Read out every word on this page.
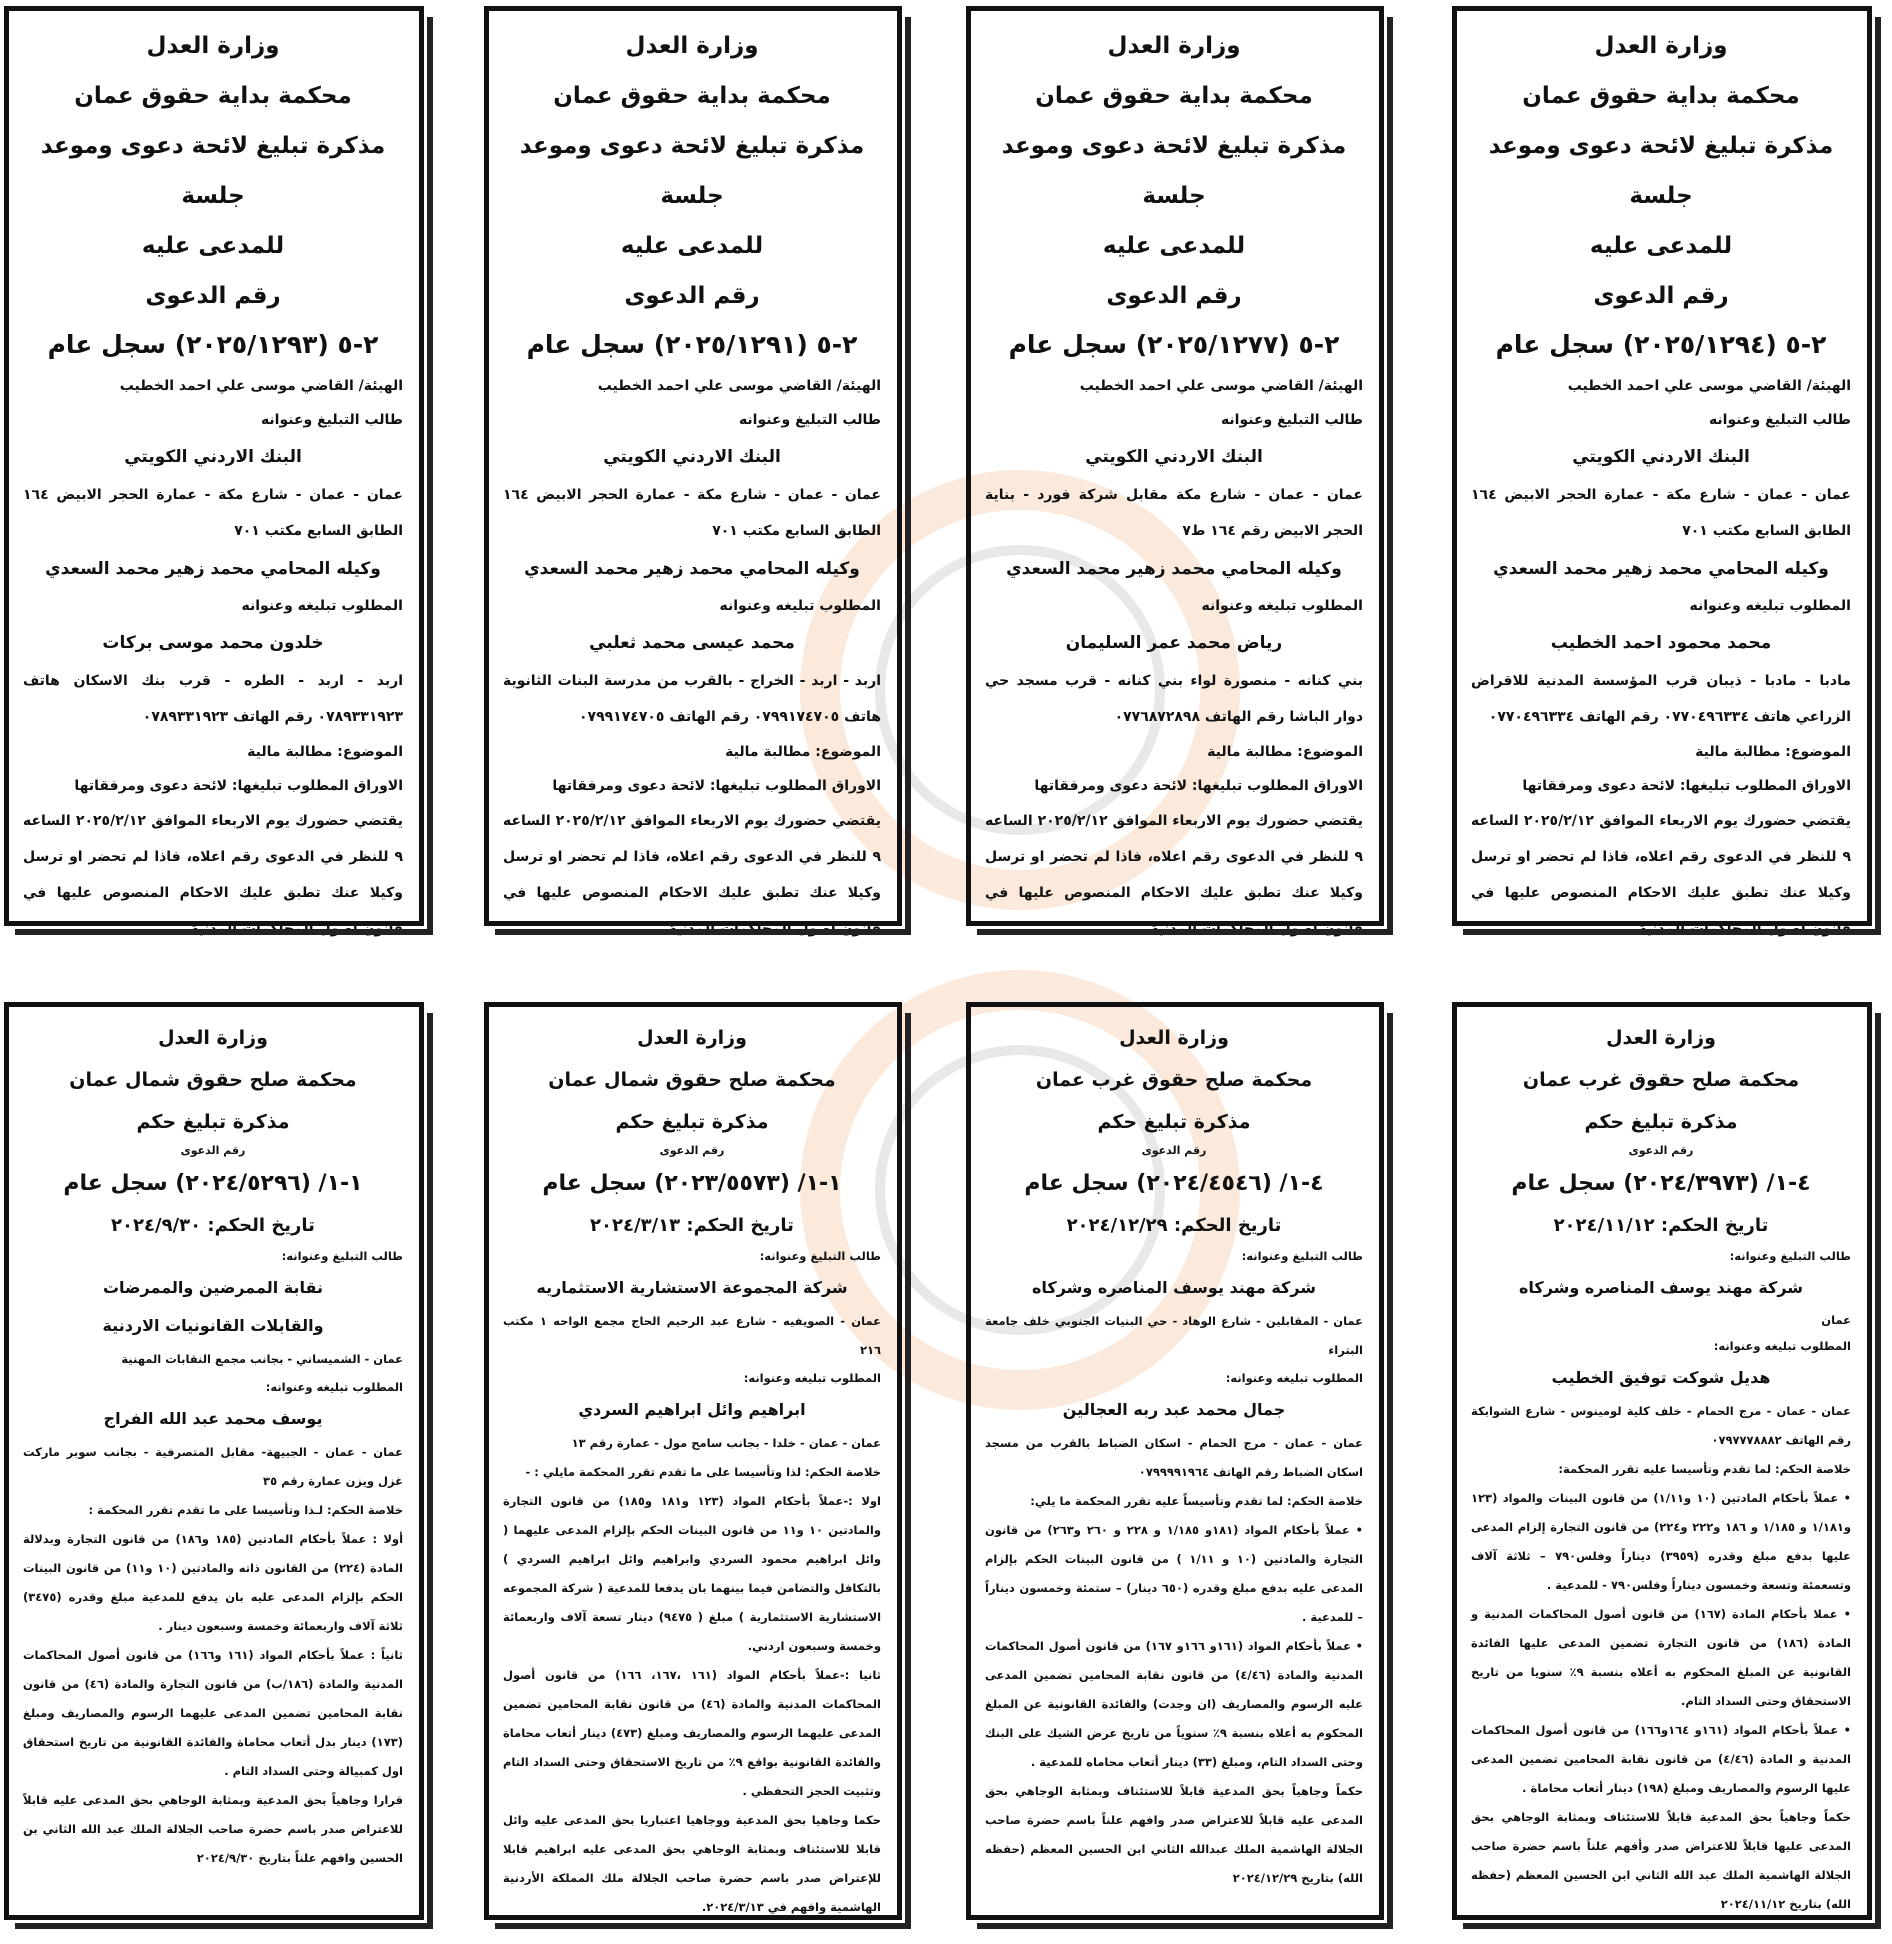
وزارة العدل
محكمة بداية حقوق عمان
مذكرة تبليغ لائحة دعوى وموعد جلسة
للمدعى عليه
رقم الدعوى
٢-٥ (٢٠٢٥/١٢٩٤) سجل عام
الهيئة/ القاضي موسى علي احمد الخطيب
طالب التبليغ وعنوانه
البنك الاردني الكويتي
عمان - عمان - شارع مكة - عمارة الحجر الابيض ١٦٤ الطابق السابع مكتب ٧٠١
وكيله المحامي محمد زهير محمد السعدي
المطلوب تبليغه وعنوانه
محمد محمود احمد الخطيب
مادبا - مادبا - ذيبان قرب المؤسسة المدنية للاقراض الزراعي هاتف ٠٧٧٠٤٩٦٣٣٤ رقم الهاتف ٠٧٧٠٤٩٦٣٣٤
الموضوع: مطالبة مالية
الاوراق المطلوب تبليغها: لائحة دعوى ومرفقاتها
يقتضي حضورك يوم الاربعاء الموافق ٢٠٢٥/٢/١٢ الساعه ٩ للنظر في الدعوى رقم اعلاه، فاذا لم تحضر او ترسل وكيلا عنك تطبق عليك الاحكام المنصوص عليها في قانون اصول المحاكمات المدنية.
وزارة العدل
محكمة بداية حقوق عمان
مذكرة تبليغ لائحة دعوى وموعد جلسة
للمدعى عليه
رقم الدعوى
٢-٥ (٢٠٢٥/١٢٧٧) سجل عام
الهيئة/ القاضي موسى علي احمد الخطيب
طالب التبليغ وعنوانه
البنك الاردني الكويتي
عمان - عمان - شارع مكة مقابل شركة فورد - بناية الحجر الابيض رقم ١٦٤ ط٧
وكيله المحامي محمد زهير محمد السعدي
المطلوب تبليغه وعنوانه
رياض محمد عمر السليمان
بني كنانه - منصورة لواء بني كنانه - قرب مسجد حي دوار الباشا رقم الهاتف ٠٧٧٦٨٧٢٨٩٨
الموضوع: مطالبة مالية
الاوراق المطلوب تبليغها: لائحة دعوى ومرفقاتها
يقتضي حضورك يوم الاربعاء الموافق ٢٠٢٥/٢/١٢ الساعه ٩ للنظر في الدعوى رقم اعلاه، فاذا لم تحضر او ترسل وكيلا عنك تطبق عليك الاحكام المنصوص عليها في قانون اصول المحاكمات المدنية.
وزارة العدل
محكمة بداية حقوق عمان
مذكرة تبليغ لائحة دعوى وموعد جلسة
للمدعى عليه
رقم الدعوى
٢-٥ (٢٠٢٥/١٢٩١) سجل عام
الهيئة/ القاضي موسى علي احمد الخطيب
طالب التبليغ وعنوانه
البنك الاردني الكويتي
عمان - عمان - شارع مكة - عمارة الحجر الابيض ١٦٤ الطابق السابع مكتب ٧٠١
وكيله المحامي محمد زهير محمد السعدي
المطلوب تبليغه وعنوانه
محمد عيسى محمد ثعلبي
اربد - اربد - الخراج - بالقرب من مدرسة البنات الثانوية هاتف ٠٧٩٩١٧٤٧٠٥ رقم الهاتف ٠٧٩٩١٧٤٧٠٥
الموضوع: مطالبة مالية
الاوراق المطلوب تبليغها: لائحة دعوى ومرفقاتها
يقتضي حضورك يوم الاربعاء الموافق ٢٠٢٥/٢/١٢ الساعه ٩ للنظر في الدعوى رقم اعلاه، فاذا لم تحضر او ترسل وكيلا عنك تطبق عليك الاحكام المنصوص عليها في قانون اصول المحاكمات المدنية.
وزارة العدل
محكمة بداية حقوق عمان
مذكرة تبليغ لائحة دعوى وموعد جلسة
للمدعى عليه
رقم الدعوى
٢-٥ (٢٠٢٥/١٢٩٣) سجل عام
الهيئة/ القاضي موسى علي احمد الخطيب
طالب التبليغ وعنوانه
البنك الاردني الكويتي
عمان - عمان - شارع مكة - عمارة الحجر الابيض ١٦٤ الطابق السابع مكتب ٧٠١
وكيله المحامي محمد زهير محمد السعدي
المطلوب تبليغه وعنوانه
خلدون محمد موسى بركات
اربد - اربد - الطره - قرب بنك الاسكان هاتف ٠٧٨٩٣٣١٩٢٣ رقم الهاتف ٠٧٨٩٣٣١٩٢٣
الموضوع: مطالبة مالية
الاوراق المطلوب تبليغها: لائحة دعوى ومرفقاتها
يقتضي حضورك يوم الاربعاء الموافق ٢٠٢٥/٢/١٢ الساعه ٩ للنظر في الدعوى رقم اعلاه، فاذا لم تحضر او ترسل وكيلا عنك تطبق عليك الاحكام المنصوص عليها في قانون اصول المحاكمات المدنية.
وزارة العدل
محكمة صلح حقوق غرب عمان
مذكرة تبليغ حكم
رقم الدعوى
٤-١/ (٢٠٢٤/٣٩٧٣) سجل عام
تاريخ الحكم: ٢٠٢٤/١١/١٢
طالب التبليغ وعنوانه:
شركة مهند يوسف المناصره وشركاه
عمان
المطلوب تبليغه وعنوانه:
هديل شوكت توفيق الخطيب
عمان - عمان - مرج الحمام - خلف كلية لومينوس - شارع الشوابكة رقم الهاتف ٠٧٩٧٧٧٨٨٨٢
خلاصة الحكم: لما تقدم وتأسيسا عليه تقرر المحكمة:
• عملاً بأحكام المادتين (١٠ و١/١١) من قانون البينات والمواد (١٢٣ و١/١٨١ و ١/١٨٥ و ١٨٦ و٢٢٢ و٢٢٤) من قانون التجارة إلزام المدعى عليها بدفع مبلغ وقدره (٣٩٥٩) ديناراً وفلس٧٩٠ – ثلاثة آلاف وتسعمئة وتسعة وخمسون ديناراً وفلس٧٩٠ - للمدعية .
• عملا بأحكام المادة (١٦٧) من قانون أصول المحاكمات المدنية و المادة (١٨٦) من قانون التجارة تضمين المدعى عليها الفائدة القانونية عن المبلغ المحكوم به أعلاه بنسبة ٩٪ سنويا من تاريخ الاستحقاق وحتى السداد التام.
• عملاً بأحكام المواد (١٦١و ١٦٤و١٦٦) من قانون أصول المحاكمات المدنية و المادة (٤/٤٦) من قانون نقابة المحامين تضمين المدعى عليها الرسوم والمصاريف ومبلغ (١٩٨) دينار أتعاب محاماة .
حكماً وجاهياً بحق المدعية قابلاً للاستئناف وبمثابة الوجاهي بحق المدعى عليها قابلاً للاعتراض صدر وأفهم علناً باسم حضرة صاحب الجلالة الهاشمية الملك عبد الله الثاني ابن الحسين المعظم (حفظه الله) بتاريخ ٢٠٢٤/١١/١٢
وزارة العدل
محكمة صلح حقوق غرب عمان
مذكرة تبليغ حكم
رقم الدعوى
٤-١/ (٢٠٢٤/٤٥٤٦) سجل عام
تاريخ الحكم: ٢٠٢٤/١٢/٢٩
طالب التبليغ وعنوانه:
شركة مهند يوسف المناصره وشركاه
عمان - المقابلين - شارع الوهاد - حي البنيات الجنوبي خلف جامعة البتراء
المطلوب تبليغه وعنوانه:
جمال محمد عبد ربه العجالين
عمان - عمان - مرج الحمام - اسكان الضباط بالقرب من مسجد اسكان الضباط رقم الهاتف ٠٧٩٩٩٩١٩٦٤
خلاصة الحكم: لما تقدم وتأسيساً عليه تقرر المحكمة ما يلي:
• عملاً بأحكام المواد (١٨١و ١/١٨٥ و ٢٢٨ و ٢٦٠ و٢٦٣) من قانون التجارة والمادتين (١٠ و ١/١١ ) من قانون البينات الحكم بإلزام المدعى عليه بدفع مبلغ وقدره (٦٥٠ دينار) – ستمئة وخمسون ديناراً – للمدعية .
• عملاً بأحكام المواد (١٦١و ١٦٦و ١٦٧) من قانون أصول المحاكمات المدنية والمادة (٤/٤٦) من قانون نقابة المحامين تضمين المدعى عليه الرسوم والمصاريف (ان وجدت) والفائدة القانونية عن المبلغ المحكوم به أعلاه بنسبة ٩٪ سنوياً من تاريخ عرض الشيك على البنك وحتى السداد التام، ومبلغ (٣٣) دينار أتعاب محاماه للمدعية .
حكماً وجاهياً بحق المدعية قابلاً للاستئناف وبمثابة الوجاهي بحق المدعى عليه قابلاً للاعتراض صدر وافهم علناً باسم حضرة صاحب الجلالة الهاشمية الملك عبدالله الثاني ابن الحسين المعظم (حفظه الله) بتاريخ ٢٠٢٤/١٢/٢٩
وزارة العدل
محكمة صلح حقوق شمال عمان
مذكرة تبليغ حكم
رقم الدعوى
١-١/ (٢٠٢٣/٥٥٧٣) سجل عام
تاريخ الحكم: ٢٠٢٤/٣/١٣
طالب التبليغ وعنوانه:
شركة المجموعة الاستشارية الاستثماريه
عمان - الصويفيه - شارع عبد الرحيم الحاج مجمع الواحه ١ مكتب ٢١٦
المطلوب تبليغه وعنوانه:
ابراهيم وائل ابراهيم السردي
عمان - عمان - خلدا - بجانب سامح مول - عمارة رقم ١٣
خلاصة الحكم: لذا وتأسيسا على ما تقدم تقرر المحكمة مايلي : -
اولا :-عملاً بأحكام المواد (١٢٣ و١٨١ و١٨٥) من قانون التجارة والمادتين ١٠ و١١ من قانون البينات الحكم بإلزام المدعى عليهما ( وائل ابراهيم محمود السردي وابراهيم وائل ابراهيم السردي ) بالتكافل والتضامن فيما بينهما بان يدفعا للمدعية ( شركة المجموعه الاستشارية الاستثمارية ) مبلغ ( ٩٤٧٥) دينار تسعة آلاف واربعمائة وخمسة وسبعون اردني.
ثانيا :-عملاً بأحكام المواد (١٦١ ،١٦٧، ١٦٦) من قانون أصول المحاكمات المدنية والمادة (٤٦) من قانون نقابة المحامين تضمين المدعى عليهما الرسوم والمصاريف ومبلغ (٤٧٣) دينار أتعاب محاماة والفائدة القانونية بواقع ٩٪ من تاريخ الاستحقاق وحتى السداد التام وتثبيت الحجز التحفظي .
حكما وجاهيا بحق المدعية ووجاهيا اعتباريا بحق المدعى عليه وائل قابلا للاستئناف وبمثابة الوجاهي بحق المدعى عليه ابراهيم قابلا للإعتراض صدر باسم حضرة صاحب الجلالة ملك المملكة الأردنية الهاشمية وافهم في ٢٠٢٤/٣/١٣.
وزارة العدل
محكمة صلح حقوق شمال عمان
مذكرة تبليغ حكم
رقم الدعوى
١-١/ (٢٠٢٤/٥٢٩٦) سجل عام
تاريخ الحكم: ٢٠٢٤/٩/٣٠
طالب التبليغ وعنوانه:
نقابة الممرضين والممرضات
والقابلات القانونيات الاردنية
عمان - الشميساني - بجانب مجمع النقابات المهنية
المطلوب تبليغه وعنوانه:
يوسف محمد عبد الله الفراج
عمان - عمان - الجبيهة- مقابل المتصرفية - بجانب سوبر ماركت غزل ويزن عمارة رقم ٣٥
خلاصة الحكم: لـذا وتأسيسا على ما تقدم تقرر المحكمة :
أولا : عملاً بأحكام المادتين (١٨٥ و١٨٦) من قانون التجارة وبدلالة المادة (٢٢٤) من القانون ذاته والمادتين (١٠ و١١) من قانون البينات الحكم بإلزام المدعى عليه بان يدفع للمدعية مبلغ وقدره (٣٤٧٥) ثلاثة آلاف واربعمائة وخمسة وسبعون دينار .
ثانياً : عملاً بأحكام المواد (١٦١ و١٦٦) من قانون أصول المحاكمات المدنية والمادة (١٨٦/ب) من قانون التجارة والمادة (٤٦) من قانون نقابة المحامين تضمين المدعى عليهما الرسوم والمصاريف ومبلغ (١٧٣) دينار بدل أتعاب محاماة والفائدة القانونية من تاريخ استحقاق اول كمبيالة وحتى السداد التام .
قرارا وجاهياً بحق المدعية وبمثابة الوجاهي بحق المدعى عليه قابلاً للاعتراض صدر باسم حضرة صاحب الجلالة الملك عبد الله الثاني بن الحسين وافهم علناً بتاريخ ٢٠٢٤/٩/٣٠
